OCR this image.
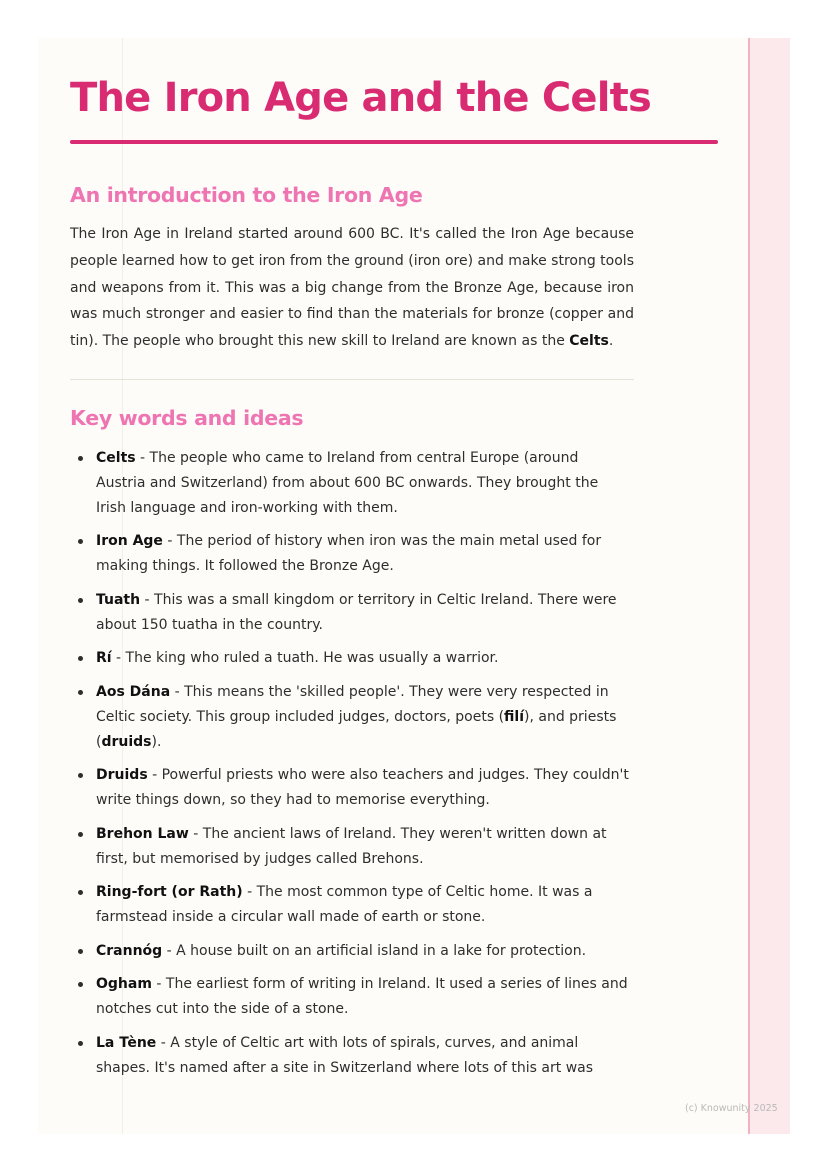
The Iron Age and the Celts
An introduction to the Iron Age

The Iron Age in Ireland started around 600 BC. It's called the Iron Age because people learned how to get iron from the ground (iron ore) and make strong tools and weapons from it. This was a big change from the Bronze Age, because iron was much stronger and easier to find than the materials for bronze (copper and tin). The people who brought this new skill to Ireland are known as the Celts.

Key words and ideas
Celts - The people who came to Ireland from central Europe (around Austria and Switzerland) from about 600 BC onwards. They brought the Irish language and iron-working with them.
Iron Age - The period of history when iron was the main metal used for making things. It followed the Bronze Age.
Tuath - This was a small kingdom or territory in Celtic Ireland. There were about 150 tuatha in the country.
Rí - The king who ruled a tuath. He was usually a warrior.
Aos Dána - This means the 'skilled people'. They were very respected in Celtic society. This group included judges, doctors, poets (filí), and priests (druids).
Druids - Powerful priests who were also teachers and judges. They couldn't write things down, so they had to memorise everything.
Brehon Law - The ancient laws of Ireland. They weren't written down at first, but memorised by judges called Brehons.
Ring-fort (or Rath) - The most common type of Celtic home. It was a farmstead inside a circular wall made of earth or stone.
Crannóg - A house built on an artificial island in a lake for protection.
Ogham - The earliest form of writing in Ireland. It used a series of lines and notches cut into the side of a stone.
La Tène - A style of Celtic art with lots of spirals, curves, and animal shapes. It's named after a site in Switzerland where lots of this art was
(c) Knowunity 2025
